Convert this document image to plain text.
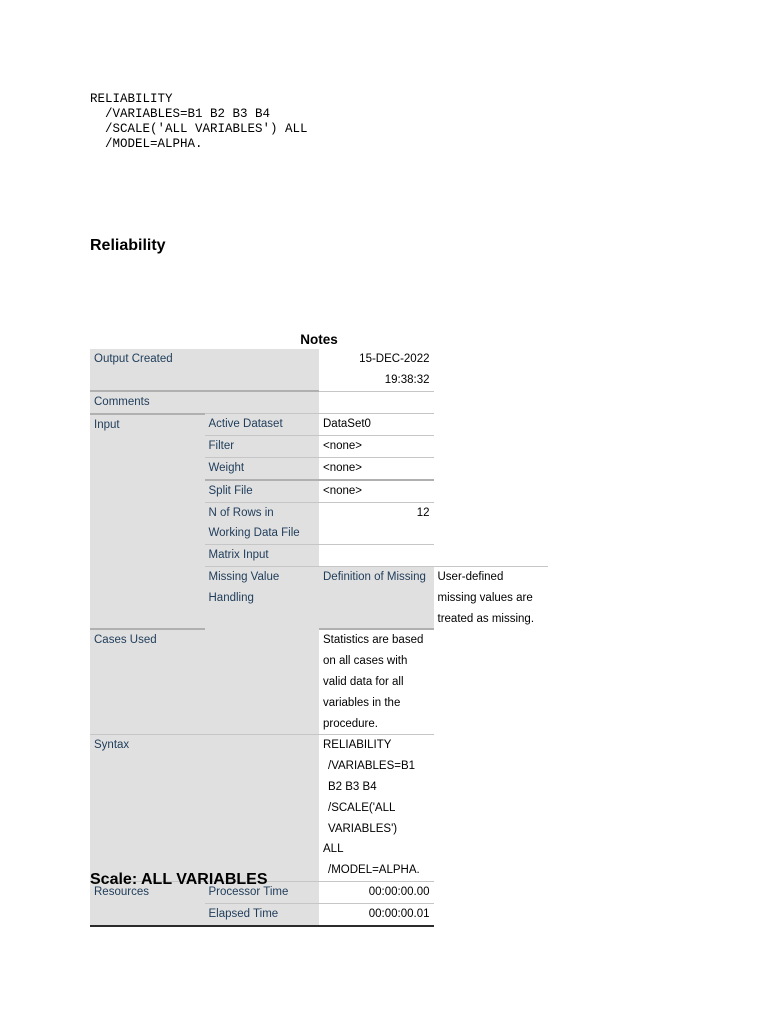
RELIABILITY
/VARIABLES=B1 B2 B3 B4
/SCALE('ALL VARIABLES') ALL
/MODEL=ALPHA.
Reliability
Notes
Output Created		15-DEC-2022 19:38:32	
Comments			
Input	Active Dataset	DataSet0	
	Filter	<none>	
	Weight	<none>	
	Split File	<none>	
	N of Rows in Working Data File	12	
	Matrix Input		
	Missing Value Handling	Definition of Missing	User-defined missing values are treated as missing.
Cases Used		Statistics are based on all cases with valid data for all variables in the procedure.	
Syntax		RELIABILITY
/VARIABLES=B1 B2 B3 B4
/SCALE('ALL VARIABLES')
ALL
/MODEL=ALPHA.	

Resources	Processor Time	00:00:00.00	
	Elapsed Time	00:00:00.01	
Scale: ALL VARIABLES
